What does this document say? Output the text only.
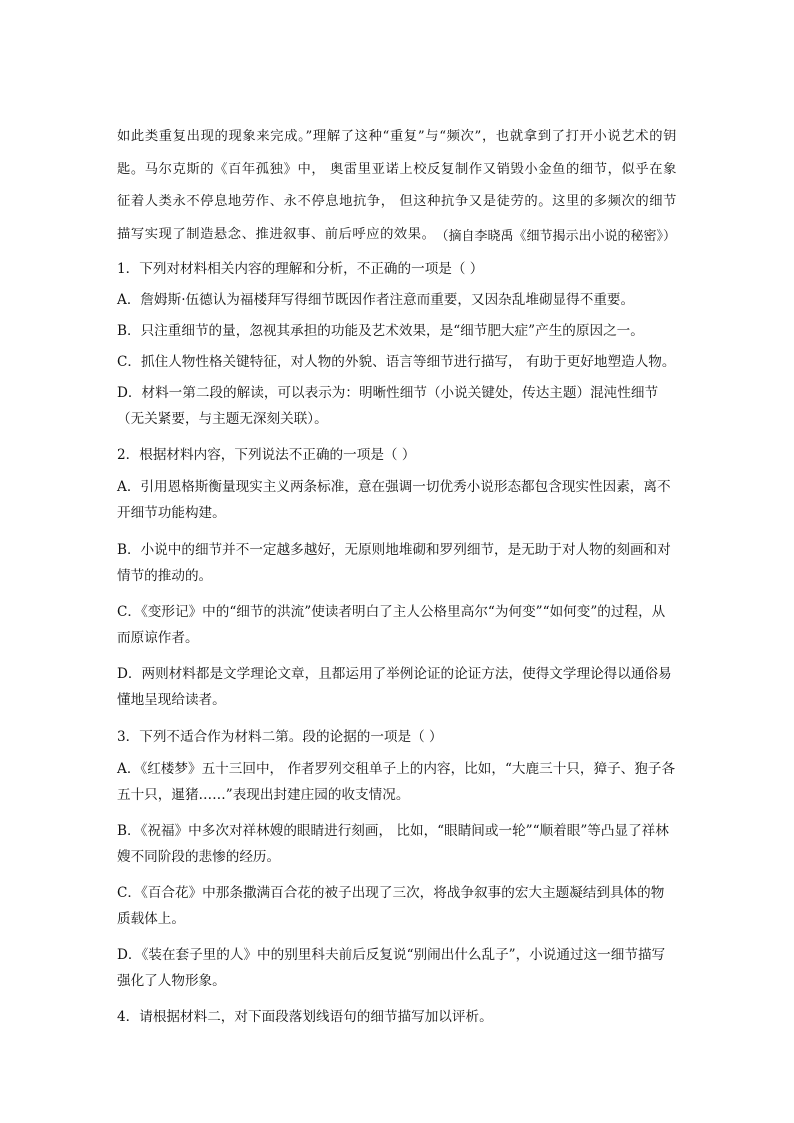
如此类重复出现的现象来完成。”理解了这种“重复”与“频次”，也就拿到了打开小说艺术的钥匙。马尔克斯的《百年孤独》中， 奥雷里亚诺上校反复制作又销毁小金鱼的细节，似乎在象征着人类永不停息地劳作、永不停息地抗争， 但这种抗争又是徒劳的。这里的多频次的细节描写实现了制造悬念、推进叙事、前后呼应的效果。 （摘自李晓禹《细节揭示出小说的秘密》）

1．下列对材料相关内容的理解和分析，不正确的一项是（ ）

A．詹姆斯·伍德认为福楼拜写得细节既因作者注意而重要，又因杂乱堆砌显得不重要。

B．只注重细节的量，忽视其承担的功能及艺术效果，是“细节肥大症”产生的原因之一。

C．抓住人物性格关键特征，对人物的外貌、语言等细节进行描写， 有助于更好地塑造人物。

D．材料一第二段的解读，可以表示为：明晰性细节（小说关键处，传达主题）混沌性细节（无关紧要，与主题无深刻关联）。

2．根据材料内容，下列说法不正确的一项是（ ）

A．引用恩格斯衡量现实主义两条标准，意在强调一切优秀小说形态都包含现实性因素，离不开细节功能构建。

B．小说中的细节并不一定越多越好，无原则地堆砌和罗列细节，是无助于对人物的刻画和对情节的推动的。

C．《变形记》中的“细节的洪流”使读者明白了主人公格里高尔“为何变”“如何变”的过程，从而原谅作者。

D．两则材料都是文学理论文章，且都运用了举例论证的论证方法，使得文学理论得以通俗易懂地呈现给读者。

3．下列不适合作为材料二第。段的论据的一项是（ ）

A．《红楼梦》五十三回中， 作者罗列交租单子上的内容，比如，“大鹿三十只，獐子、狍子各五十只，暹猪……”表现出封建庄园的收支情况。

B．《祝福》中多次对祥林嫂的眼睛进行刻画， 比如，“眼睛间或一轮”“顺着眼”等凸显了祥林嫂不同阶段的悲惨的经历。

C．《百合花》中那条撒满百合花的被子出现了三次，将战争叙事的宏大主题凝结到具体的物质载体上。

D．《装在套子里的人》中的别里科夫前后反复说“别闹出什么乱子”，小说通过这一细节描写强化了人物形象。

4．请根据材料二，对下面段落划线语句的细节描写加以评析。
